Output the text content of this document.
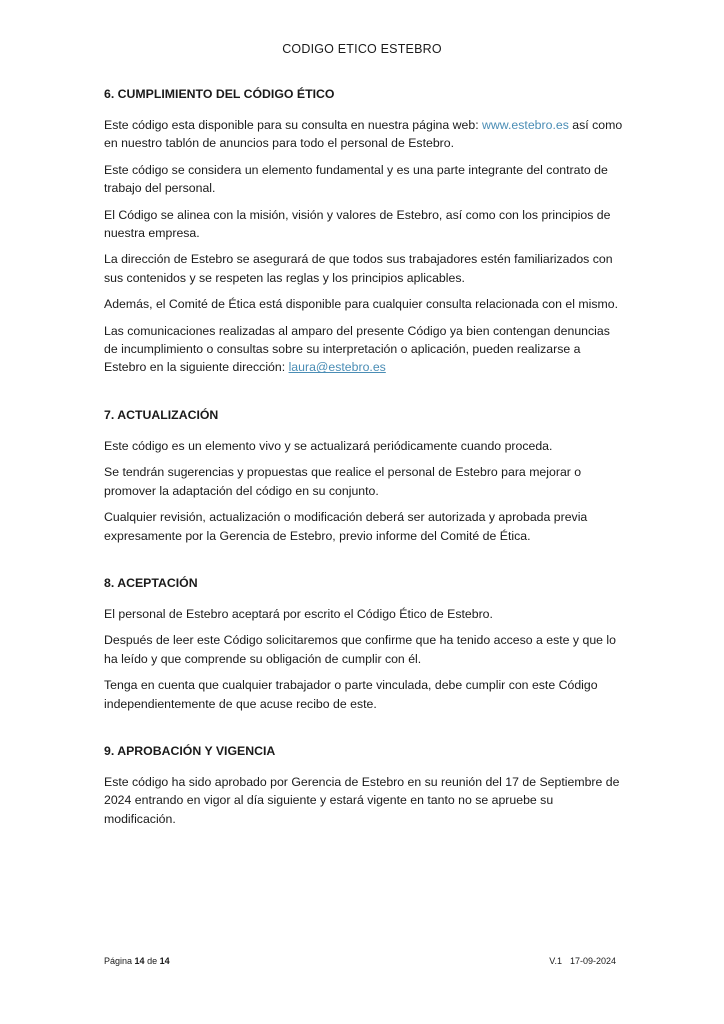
CODIGO ETICO ESTEBRO
6. CUMPLIMIENTO DEL CÓDIGO ÉTICO

Este código esta disponible para su consulta en nuestra página web: www.estebro.es así como en nuestro tablón de anuncios para todo el personal de Estebro.

Este código se considera un elemento fundamental y es una parte integrante del contrato de trabajo del personal.

El Código se alinea con la misión, visión y valores de Estebro, así como con los principios de nuestra empresa.

La dirección de Estebro se asegurará de que todos sus trabajadores estén familiarizados con sus contenidos y se respeten las reglas y los principios aplicables.

Además, el Comité de Ética está disponible para cualquier consulta relacionada con el mismo.

Las comunicaciones realizadas al amparo del presente Código ya bien contengan denuncias de incumplimiento o consultas sobre su interpretación o aplicación, pueden realizarse a Estebro en la siguiente dirección: laura@estebro.es

7. ACTUALIZACIÓN

Este código es un elemento vivo y se actualizará periódicamente cuando proceda.

Se tendrán sugerencias y propuestas que realice el personal de Estebro para mejorar o promover la adaptación del código en su conjunto.

Cualquier revisión, actualización o modificación deberá ser autorizada y aprobada previa expresamente por la Gerencia de Estebro, previo informe del Comité de Ética.

8. ACEPTACIÓN

El personal de Estebro aceptará por escrito el Código Ético de Estebro.

Después de leer este Código solicitaremos que confirme que ha tenido acceso a este y que lo ha leído y que comprende su obligación de cumplir con él.

Tenga en cuenta que cualquier trabajador o parte vinculada, debe cumplir con este Código independientemente de que acuse recibo de este.

9. APROBACIÓN Y VIGENCIA

Este código ha sido aprobado por Gerencia de Estebro en su reunión del 17 de Septiembre de 2024 entrando en vigor al día siguiente y estará vigente en tanto no se apruebe su modificación.

Página 14 de 14	V.1 17-09-2024
